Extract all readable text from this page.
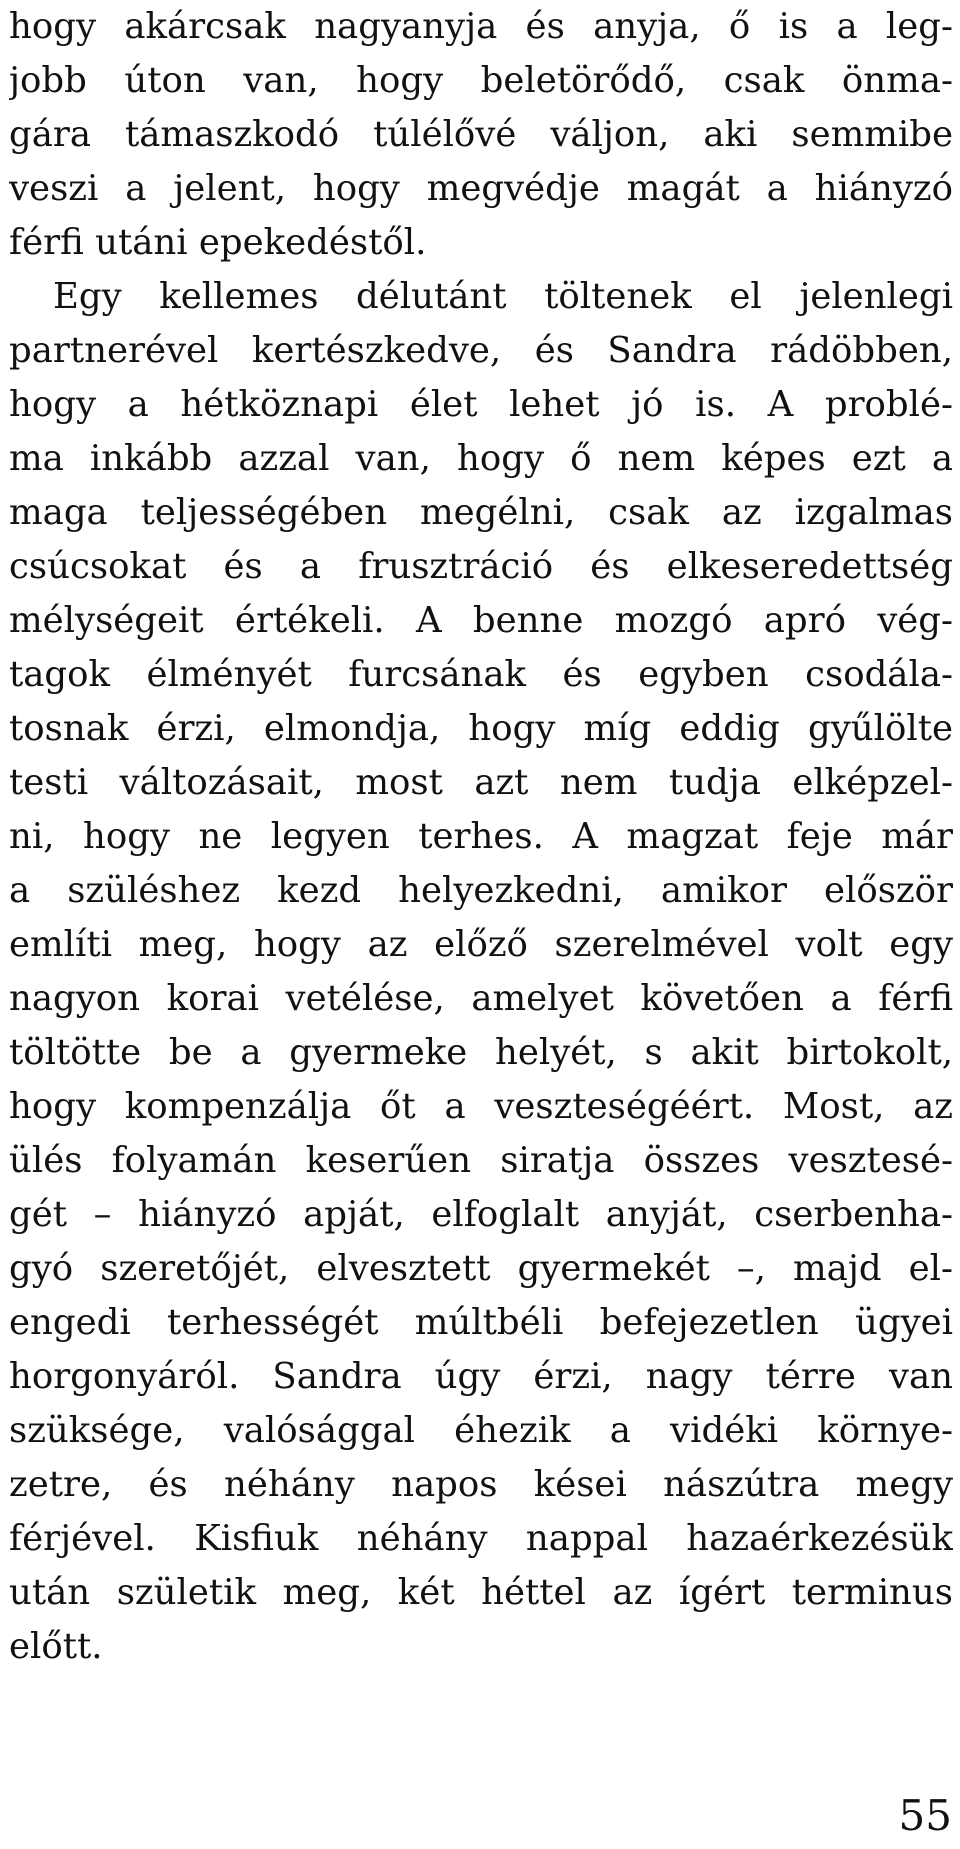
hogy akárcsak nagyanyja és anyja, ő is a leg-
jobb úton van, hogy beletörődő, csak önma-
gára támaszkodó túlélővé váljon, aki semmibe
veszi a jelent, hogy megvédje magát a hiányzó
férfi utáni epekedéstől.
Egy kellemes délutánt töltenek el jelenlegi
partnerével kertészkedve, és Sandra rádöbben,
hogy a hétköznapi élet lehet jó is. A problé-
ma inkább azzal van, hogy ő nem képes ezt a
maga teljességében megélni, csak az izgalmas
csúcsokat és a frusztráció és elkeseredettség
mélységeit értékeli. A benne mozgó apró vég-
tagok élményét furcsának és egyben csodála-
tosnak érzi, elmondja, hogy míg eddig gyűlölte
testi változásait, most azt nem tudja elképzel-
ni, hogy ne legyen terhes. A magzat feje már
a szüléshez kezd helyezkedni, amikor először
említi meg, hogy az előző szerelmével volt egy
nagyon korai vetélése, amelyet követően a férfi
töltötte be a gyermeke helyét, s akit birtokolt,
hogy kompenzálja őt a veszteségéért. Most, az
ülés folyamán keserűen siratja összes vesztesé-
gét – hiányzó apját, elfoglalt anyját, cserbenha-
gyó szeretőjét, elvesztett gyermekét –, majd el-
engedi terhességét múltbéli befejezetlen ügyei
horgonyáról. Sandra úgy érzi, nagy térre van
szüksége, valósággal éhezik a vidéki környe-
zetre, és néhány napos kései nászútra megy
férjével. Kisfiuk néhány nappal hazaérkezésük
után születik meg, két héttel az ígért terminus
előtt.
55
